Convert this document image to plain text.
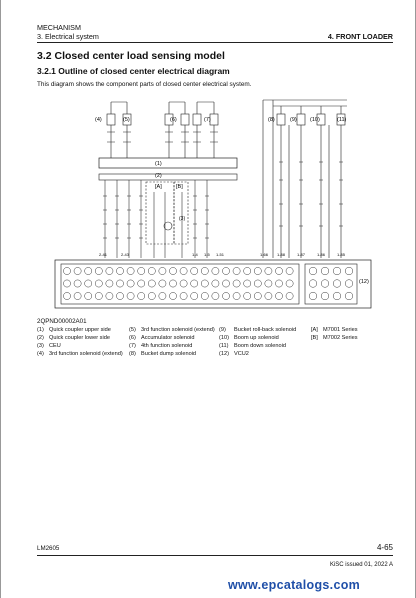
MECHANISM
3. Electrical system	4. FRONT LOADER
3.2 Closed center load sensing model
3.2.1 Outline of closed center electrical diagram
This diagram shows the component parts of closed center electrical system.
(4)	(5)	(6)	(7)	(8)	(9) (10)	(11)
(1)
(2)
[A]	[B]
(3)
2-41	2-43	1-4 1-5 1-51	1-66 1-88	1-87	1-86	1-85
(12)
2QPND00002A01
(1) Quick coupler upper side
(2) Quick coupler lower side
(3) CEU
(4) 3rd function solenoid (extend)
(5) 3rd function solenoid (extend)
(6) Accumulator solenoid
(7) 4th function solenoid
(8) Bucket dump solenoid
(9) Bucket roll-back solenoid
(10) Boom up solenoid
(11) Boom down solenoid
(12) VCU2
[A] M7001 Series
[B] M7002 Series
LM2605	4-65
KiSC issued 01, 2022 A
www.epcatalogs.com
